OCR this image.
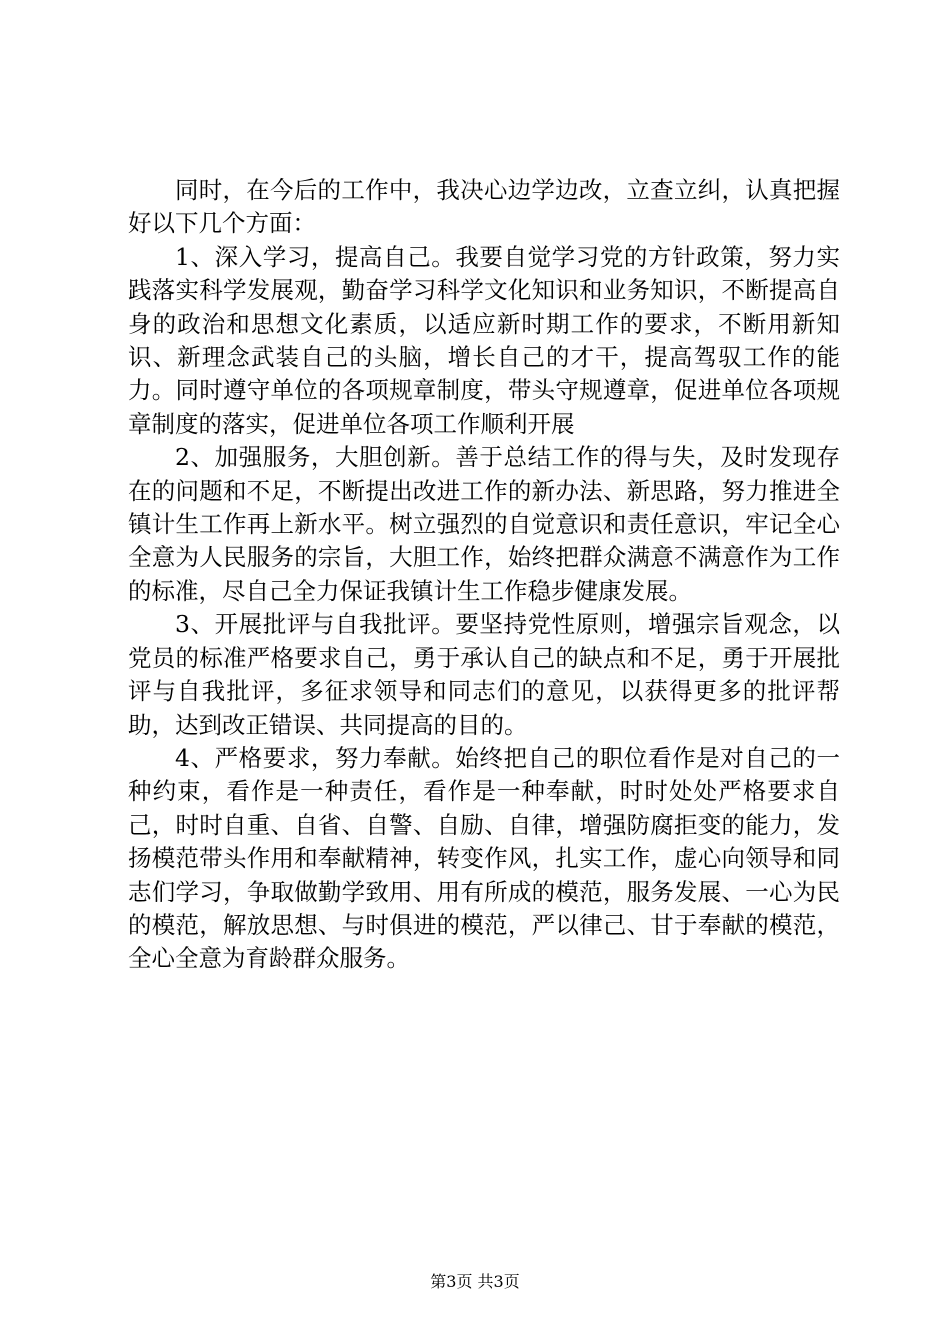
同时，在今后的工作中，我决心边学边改，立查立纠，认真把握好以下几个方面：

1、深入学习，提高自己。我要自觉学习党的方针政策，努力实践落实科学发展观，勤奋学习科学文化知识和业务知识，不断提高自身的政治和思想文化素质，以适应新时期工作的要求，不断用新知识、新理念武装自己的头脑，增长自己的才干，提高驾驭工作的能力。同时遵守单位的各项规章制度，带头守规遵章，促进单位各项规章制度的落实，促进单位各项工作顺利开展

2、加强服务，大胆创新。善于总结工作的得与失，及时发现存在的问题和不足，不断提出改进工作的新办法、新思路，努力推进全镇计生工作再上新水平。树立强烈的自觉意识和责任意识，牢记全心全意为人民服务的宗旨，大胆工作，始终把群众满意不满意作为工作的标准，尽自己全力保证我镇计生工作稳步健康发展。

3、开展批评与自我批评。要坚持党性原则，增强宗旨观念，以党员的标准严格要求自己，勇于承认自己的缺点和不足，勇于开展批评与自我批评，多征求领导和同志们的意见，以获得更多的批评帮助，达到改正错误、共同提高的目的。

4、严格要求，努力奉献。始终把自己的职位看作是对自己的一种约束，看作是一种责任，看作是一种奉献，时时处处严格要求自己，时时自重、自省、自警、自励、自律，增强防腐拒变的能力，发扬模范带头作用和奉献精神，转变作风，扎实工作，虚心向领导和同志们学习，争取做勤学致用、用有所成的模范，服务发展、一心为民的模范，解放思想、与时俱进的模范，严以律己、甘于奉献的模范，全心全意为育龄群众服务。

第3页 共3页
